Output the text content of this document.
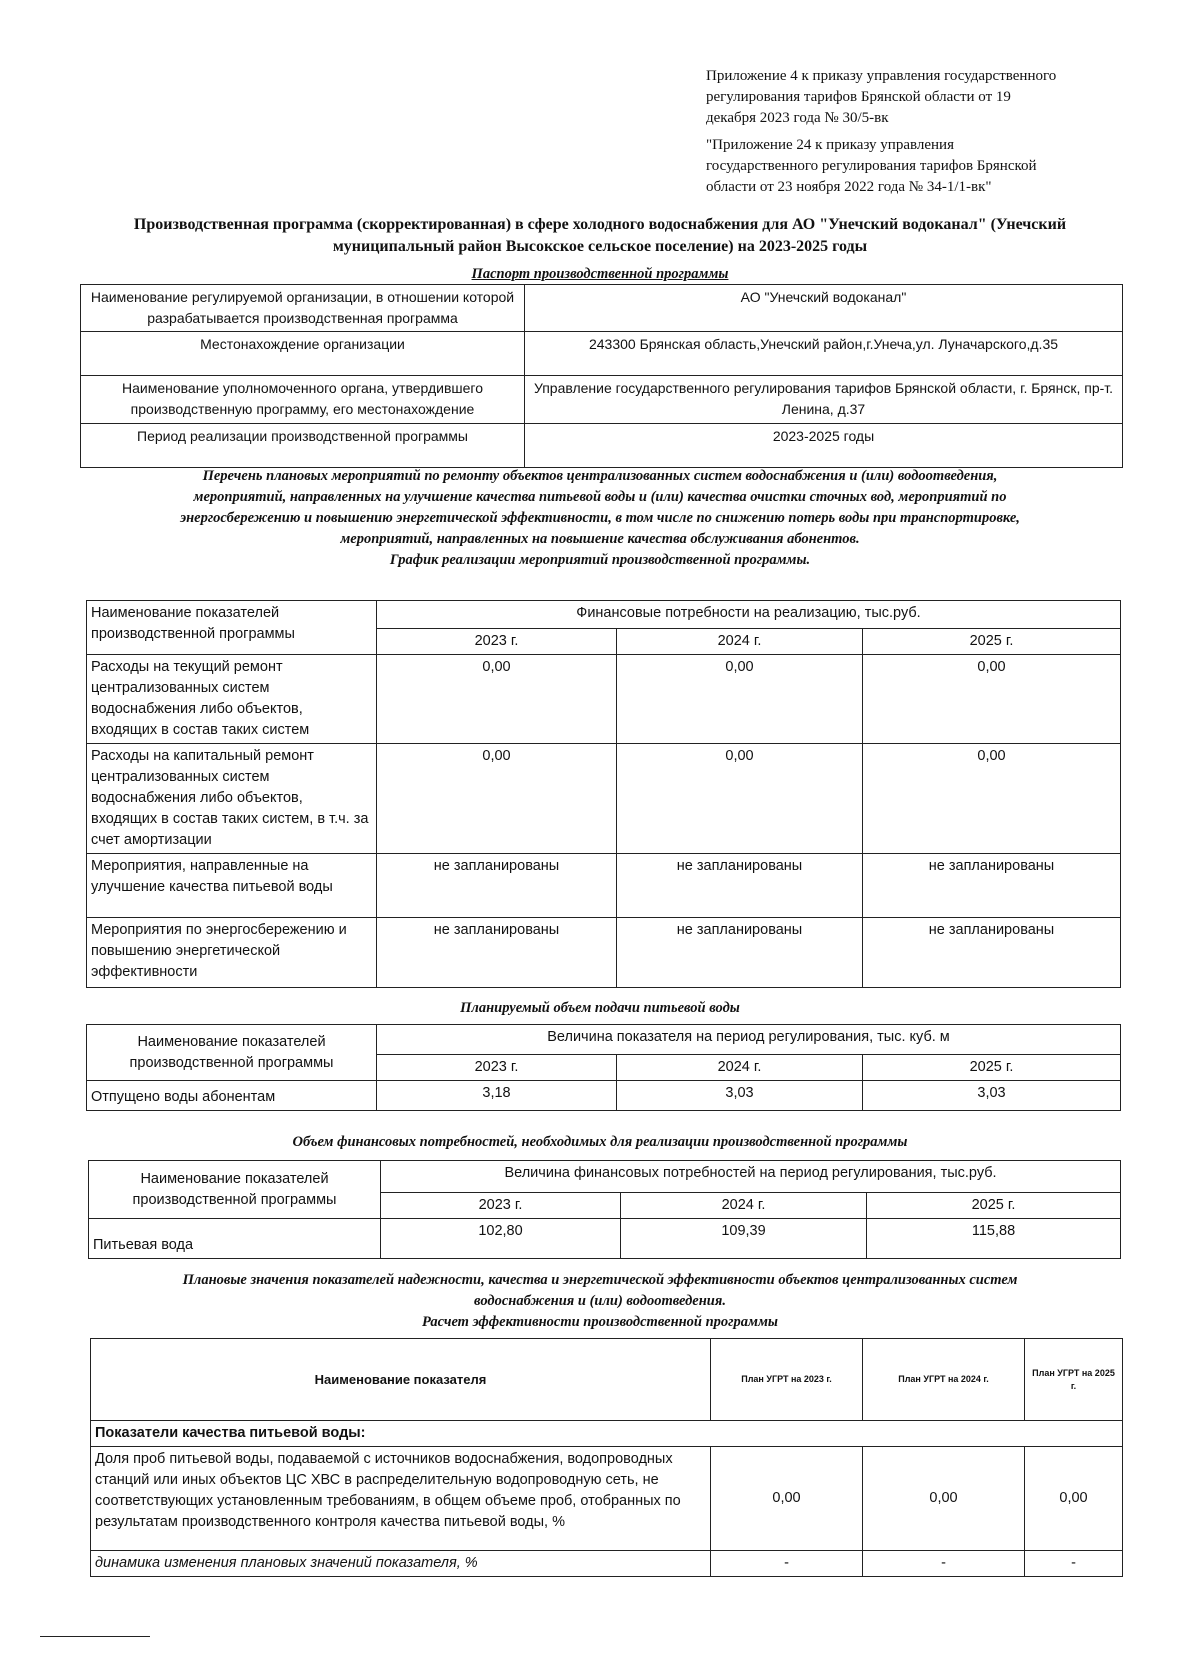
Приложение 4 к приказу управления государственного
регулирования тарифов Брянской области от 19
декабря 2023 года № 30/5-вк
"Приложение 24 к приказу управления
государственного регулирования тарифов Брянской
области от 23 ноября 2022 года № 34-1/1-вк"
Производственная программа (скорректированная) в сфере холодного водоснабжения для АО "Унечский водоканал" (Унечский
муниципальный район Высокское сельское поселение) на 2023-2025 годы
Паспорт производственной программы
Наименование регулируемой организации, в отношении которой разрабатывается производственная программа	АО "Унечский водоканал"
Местонахождение организации	243300 Брянская область,Унечский район,г.Унеча,ул. Луначарского,д.35
Наименование уполномоченного органа, утвердившего производственную программу, его местонахождение	Управление государственного регулирования тарифов Брянской области, г. Брянск, пр-т. Ленина, д.37
Период реализации производственной программы	2023-2025 годы
Перечень плановых мероприятий по ремонту объектов централизованных систем водоснабжения и (или) водоотведения,
мероприятий, направленных на улучшение качества питьевой воды и (или) качества очистки сточных вод, мероприятий по
энергосбережению и повышению энергетической эффективности, в том числе по снижению потерь воды при транспортировке,
мероприятий, направленных на повышение качества обслуживания абонентов.
График реализации мероприятий производственной программы.
Наименование показателей производственной программы	Финансовые потребности на реализацию, тыс.руб.		
	2023 г.	2024 г.	2025 г.
Расходы на текущий ремонт централизованных систем водоснабжения либо объектов, входящих в состав таких систем	0,00	0,00	0,00
Расходы на капитальный ремонт централизованных систем водоснабжения либо объектов, входящих в состав таких систем, в т.ч. за счет амортизации	0,00	0,00	0,00
Мероприятия, направленные на улучшение качества питьевой воды	не запланированы	не запланированы	не запланированы
Мероприятия по энергосбережению и повышению энергетической эффективности	не запланированы	не запланированы	не запланированы
Планируемый объем подачи питьевой воды
Наименование показателей производственной программы	Величина показателя на период регулирования, тыс. куб. м		
	2023 г.	2024 г.	2025 г.
Отпущено воды абонентам	3,18	3,03	3,03
Объем финансовых потребностей, необходимых для реализации производственной программы
Наименование показателей производственной программы	Величина финансовых потребностей на период регулирования, тыс.руб.		
	2023 г.	2024 г.	2025 г.
Питьевая вода	102,80	109,39	115,88
Плановые значения показателей надежности, качества и энергетической эффективности объектов централизованных систем
водоснабжения и (или) водоотведения.
Расчет эффективности производственной программы
Наименование показателя	План УГРТ на 2023 г.	План УГРТ на 2024 г.	План УГРТ на 2025 г.
Показатели качества питьевой воды:			
Доля проб питьевой воды, подаваемой с источников водоснабжения, водопроводных станций или иных объектов ЦС ХВС в распределительную водопроводную сеть, не соответствующих установленным требованиям, в общем объеме проб, отобранных по результатам производственного контроля качества питьевой воды, %	0,00	0,00	0,00
динамика изменения плановых значений показателя, %	-	-	-
